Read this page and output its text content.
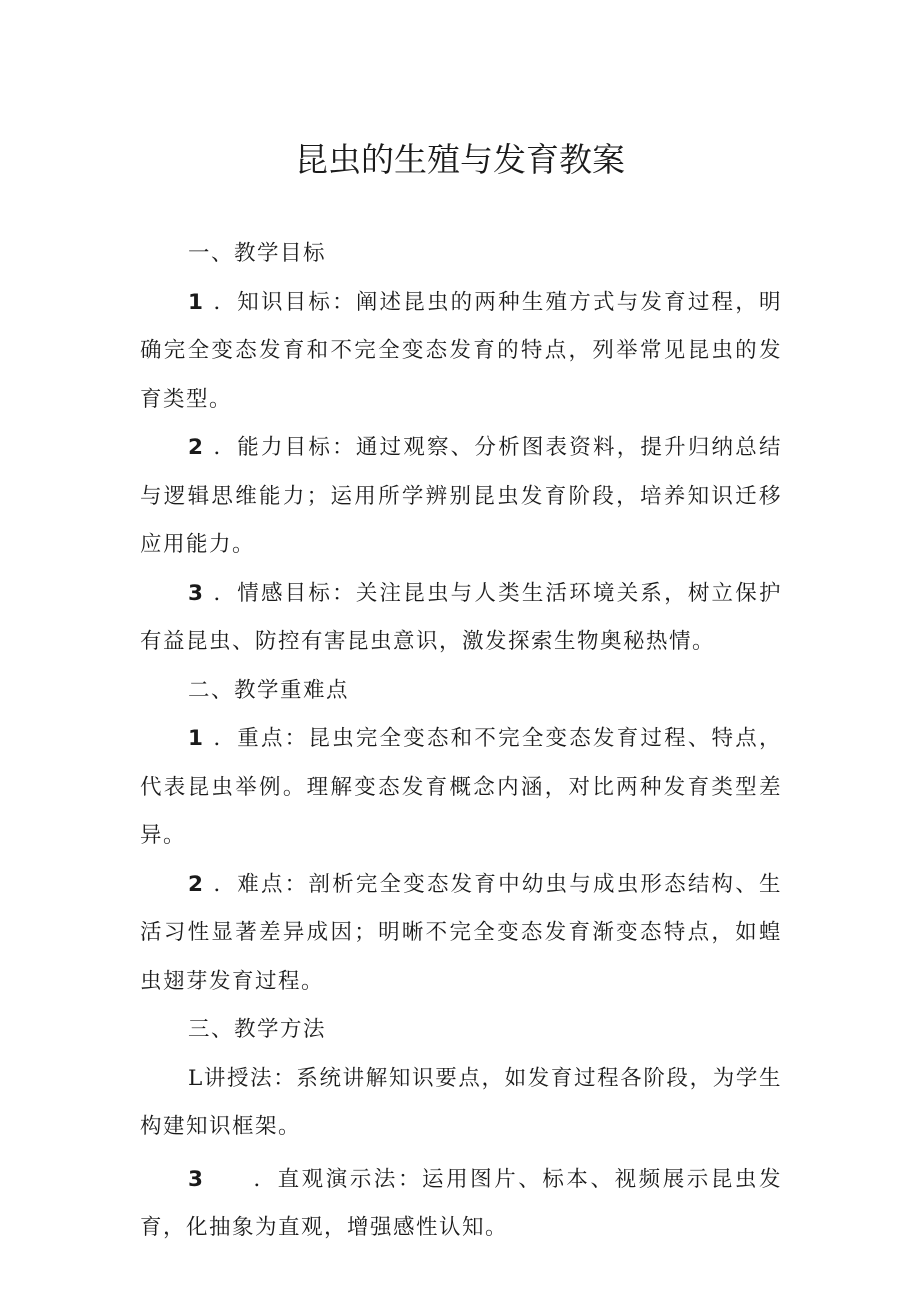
昆虫的生殖与发育教案
一、教学目标

1 ．知识目标：阐述昆虫的两种生殖方式与发育过程，明确完全变态发育和不完全变态发育的特点，列举常见昆虫的发育类型。

2 ．能力目标：通过观察、分析图表资料，提升归纳总结与逻辑思维能力；运用所学辨别昆虫发育阶段，培养知识迁移应用能力。

3 ．情感目标：关注昆虫与人类生活环境关系，树立保护有益昆虫、防控有害昆虫意识，激发探索生物奥秘热情。

二、教学重难点

1 ．重点：昆虫完全变态和不完全变态发育过程、特点，代表昆虫举例。理解变态发育概念内涵，对比两种发育类型差异。

2 ．难点：剖析完全变态发育中幼虫与成虫形态结构、生活习性显著差异成因；明晰不完全变态发育渐变态特点，如蝗虫翅芽发育过程。

三、教学方法

L讲授法：系统讲解知识要点，如发育过程各阶段，为学生构建知识框架。

3 ．直观演示法：运用图片、标本、视频展示昆虫发育，化抽象为直观，增强感性认知。
